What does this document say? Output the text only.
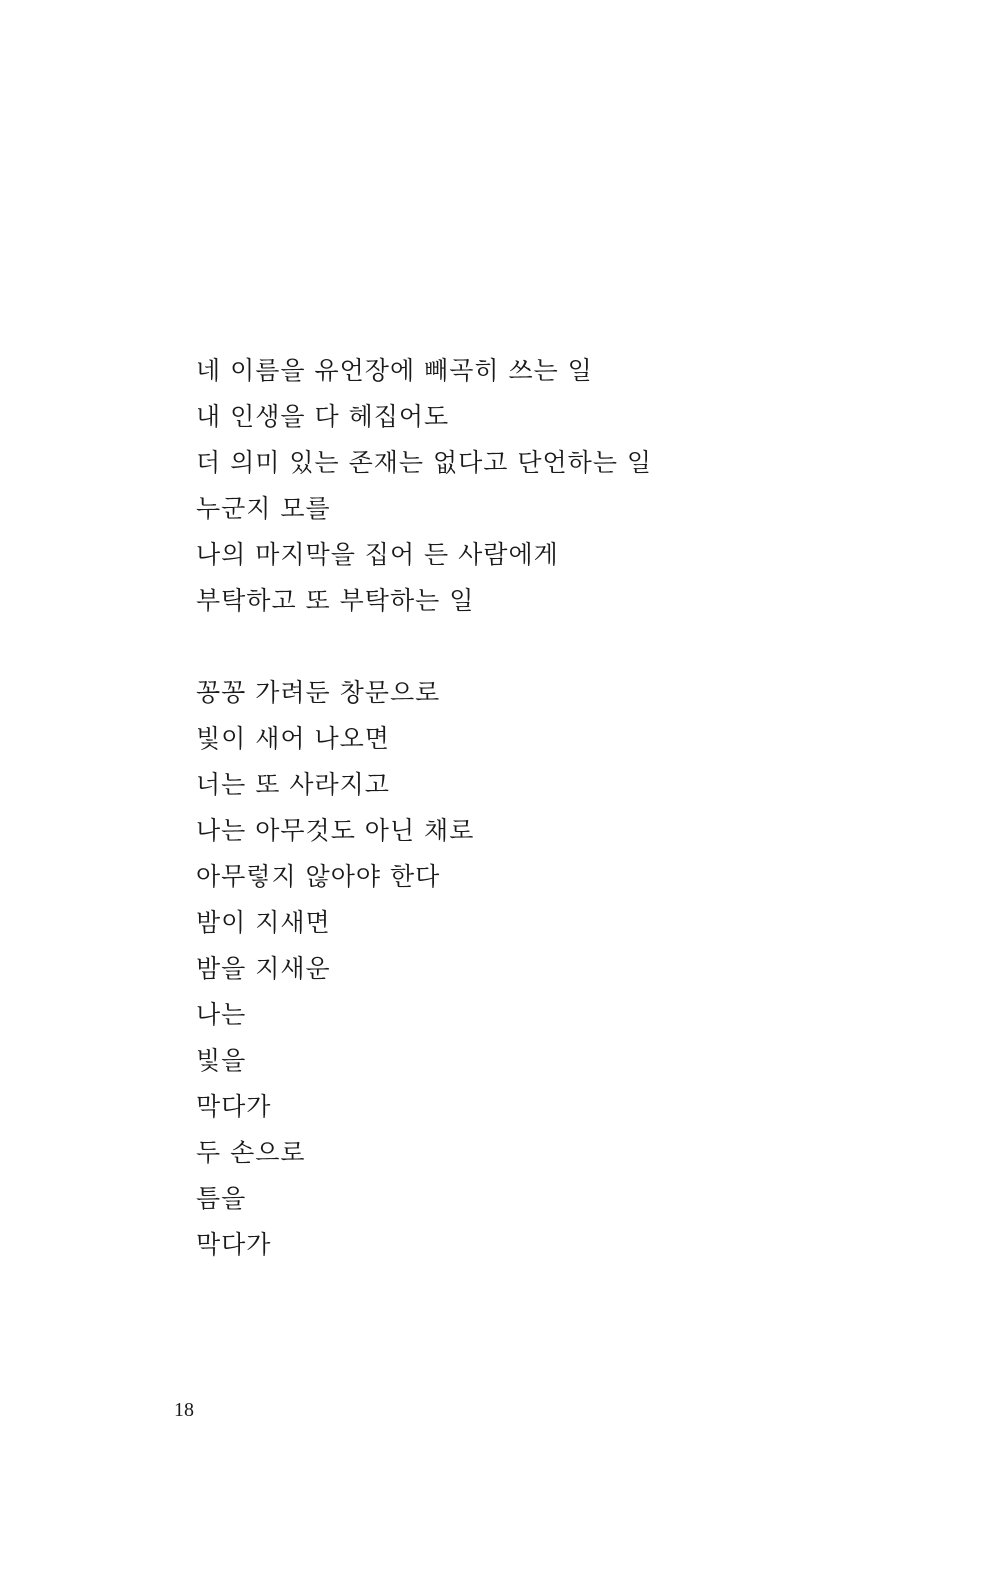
네 이름을 유언장에 빼곡히 쓰는 일
내 인생을 다 헤집어도
더 의미 있는 존재는 없다고 단언하는 일
누군지 모를
나의 마지막을 집어 든 사람에게
부탁하고 또 부탁하는 일
꽁꽁 가려둔 창문으로
빛이 새어 나오면
너는 또 사라지고
나는 아무것도 아닌 채로
아무렇지 않아야 한다
밤이 지새면
밤을 지새운
나는
빛을
막다가
두 손으로
틈을
막다가
18
